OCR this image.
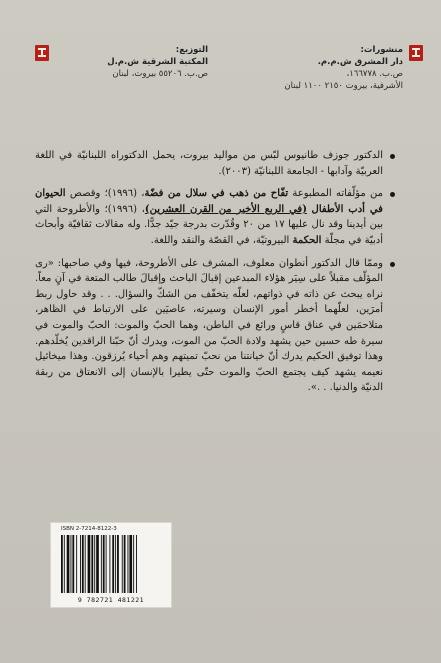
منشورات:
دار المشرق ش.م.م.
ص.ب. ١٦٦٧٧٨،
الأشرفية، بيروت ٢١٥٠ ١١٠٠ لبنان
التوزيع:
المكتبة الشرقية ش.م.ل
ص.ب. ٥٥٢٠٦ بيروت، لبنان

الدكتور جوزف طانيوس لبّس من مواليد بيروت، يحمل الدكتوراه اللبنانيّة في اللغة العربيّة وآدابها - الجامعة اللبنانيّة (٢٠٠٣).

من مؤلّفاته المطبوعة تفّاح من ذهب في سلال من فضّة، (١٩٩٦)؛ وقصص الحيوان في أدب الأطفال (في الربع الأخير من القرن العشرين)، (١٩٩٦)؛ والأطروحة التي بين أيدينا وقد نال عليها ١٧ من ٢٠ وقُدّرت بدرجة جيّد جدًّا. وله مقالات ثقافيّة وأبحاث أدبيّة في مجلّة الحكمة البيروتيّة، في القصّة والنقد واللغة.

وممّا قال الدكتور أنطوان معلوف، المشرف على الأطروحة، فيها وفي صاحبها: «رى المؤلّف مقبلاً على سِيَر هؤلاء المبدعين إقبالَ الباحث وإقبالَ طالب المتعة في آنٍ معاً. نراه يبحث عن ذاته في ذواتهم، لعلّه يتخفّف من الشكّ والسؤال. . . وقد حاول ربط أمرَين، لعلّهما أخطر أمور الإنسان وسيرته، عاصيَين على الارتباط في الظاهر، متلاحمَين في عناق قاسٍ ورائع في الباطن، وهما الحبّ والموت: الحبّ والموت في سيرة طه حسين حين يشهد ولادة الحبّ من الموت، ويدرك أنّ حبّنا الراقدين يُخلّدهم. وهذا توفيق الحكيم يدرك أنّ خيانتنا من نحبّ تميتهم وهم أحياء يُرزقون. وهذا ميخائيل نعيمه يشهد كيف يجتمع الحبّ والموت حتّى يطيرا بالإنسان إلى الانعتاق من ربقة الدنيّة والدنيا. . .».

ISBN 2-7214-8122-3
9 782721 481221
